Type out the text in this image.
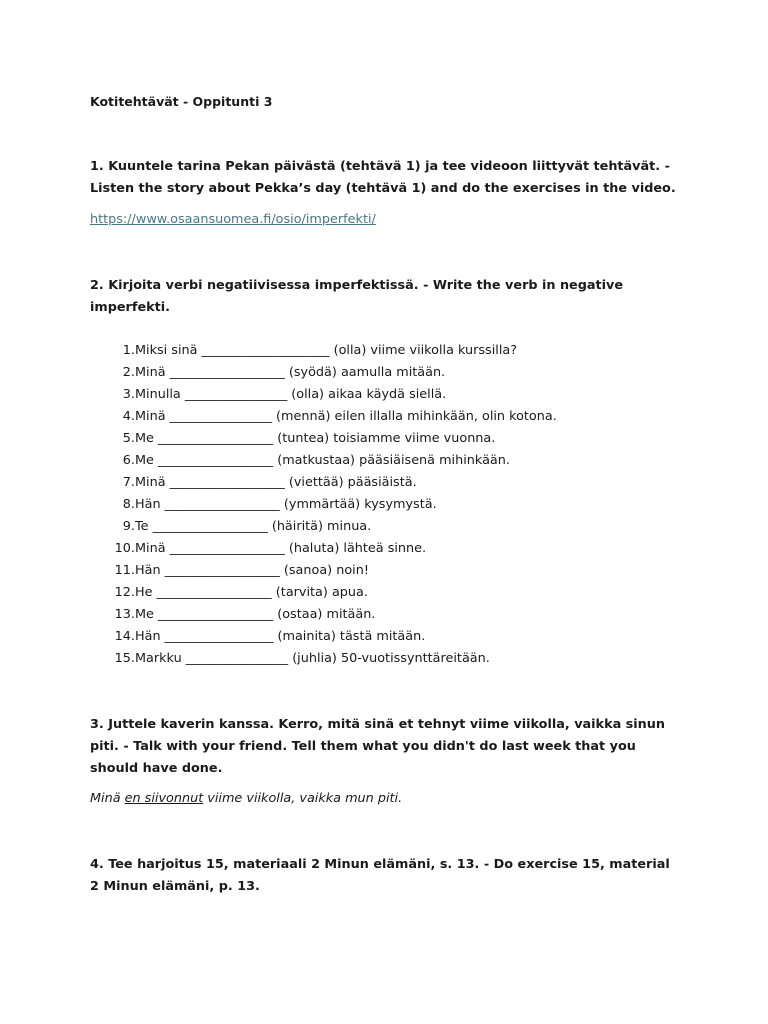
Kotitehtävät - Oppitunti 3
1. Kuuntele tarina Pekan päivästä (tehtävä 1) ja tee videoon liittyvät tehtävät. - Listen the story about Pekka’s day (tehtävä 1) and do the exercises in the video.
https://www.osaansuomea.fi/osio/imperfekti/
2. Kirjoita verbi negatiivisessa imperfektissä. - Write the verb in negative imperfekti.
1. Miksi sinä ____________________ (olla) viime viikolla kurssilla?
2. Minä __________________ (syödä) aamulla mitään.
3. Minulla ________________ (olla) aikaa käydä siellä.
4. Minä ________________ (mennä) eilen illalla mihinkään, olin kotona.
5. Me __________________ (tuntea) toisiamme viime vuonna.
6. Me __________________ (matkustaa) pääsiäisenä mihinkään.
7. Minä __________________ (viettää) pääsiäistä.
8. Hän __________________ (ymmärtää) kysymystä.
9. Te __________________ (häiritä) minua.
10. Minä __________________ (haluta) lähteä sinne.
11. Hän __________________ (sanoa) noin!
12. He __________________ (tarvita) apua.
13. Me __________________ (ostaa) mitään.
14. Hän _________________ (mainita) tästä mitään.
15. Markku ________________ (juhlia) 50-vuotissynttäreitään.
3. Juttele kaverin kanssa. Kerro, mitä sinä et tehnyt viime viikolla, vaikka sinun piti. - Talk with your friend. Tell them what you didn't do last week that you should have done.
Minä en siivonnut viime viikolla, vaikka mun piti.
4. Tee harjoitus 15, materiaali 2 Minun elämäni, s. 13. - Do exercise 15, material 2 Minun elämäni, p. 13.
